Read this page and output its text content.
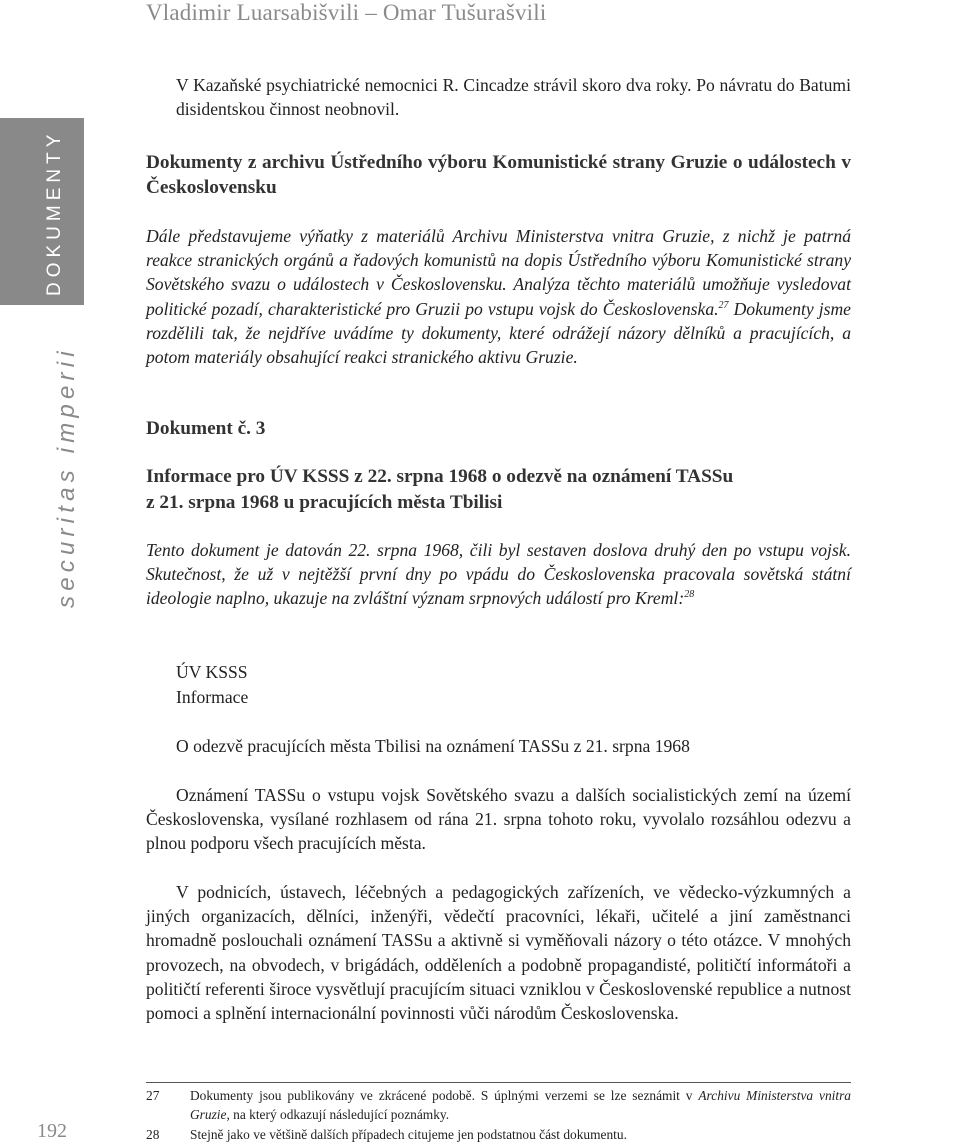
Vladimir Luarsabišvili – Omar Tušurašvili
DOKUMENTY
securitas imperii
192
V Kazaňské psychiatrické nemocnici R. Cincadze strávil skoro dva roky. Po návratu do Batumi disidentskou činnost neobnovil.
Dokumenty z archivu Ústředního výboru Komunistické strany Gruzie o událostech v Československu
Dále představujeme výňatky z materiálů Archivu Ministerstva vnitra Gruzie, z nichž je patrná reakce stranických orgánů a řadových komunistů na dopis Ústředního výboru Komunistické strany Sovětského svazu o událostech v Československu. Analýza těchto materiálů umožňuje vysledovat politické pozadí, charakteristické pro Gruzii po vstupu vojsk do Československa.$^{27}$ Dokumenty jsme rozdělili tak, že nejdříve uvádíme ty dokumenty, které odrážejí názory dělníků a pracujících, a potom materiály obsahující reakci stranického aktivu Gruzie.
Dokument č. 3
Informace pro ÚV KSSS z 22. srpna 1968 o odezvě na oznámení TASSu
z 21. srpna 1968 u pracujících města Tbilisi
Tento dokument je datován 22. srpna 1968, čili byl sestaven doslova druhý den po vstupu vojsk. Skutečnost, že už v nejtěžší první dny po vpádu do Československa pracovala sovětská státní ideologie naplno, ukazuje na zvláštní význam srpnových událostí pro Kreml:$^{28}$
ÚV KSSS
Informace
O odezvě pracujících města Tbilisi na oznámení TASSu z 21. srpna 1968
Oznámení TASSu o vstupu vojsk Sovětského svazu a dalších socialistických zemí na území Československa, vysílané rozhlasem od rána 21. srpna tohoto roku, vyvolalo rozsáhlou odezvu a plnou podporu všech pracujících města.
V podnicích, ústavech, léčebných a pedagogických zařízeních, ve vědecko-výzkumných a jiných organizacích, dělníci, inženýři, vědečtí pracovníci, lékaři, učitelé a jiní zaměstnanci hromadně poslouchali oznámení TASSu a aktivně si vyměňovali názory o této otázce. V mnohých provozech, na obvodech, v brigádách, odděleních a podobně propagandisté, političtí informátoři a političtí referenti široce vysvětlují pracujícím situaci vzniklou v Československé republice a nutnost pomoci a splnění internacionální povinnosti vůči národům Československa.
27 Dokumenty jsou publikovány ve zkrácené podobě. S úplnými verzemi se lze seznámit v Archivu Ministerstva vnitra Gruzie, na který odkazují následující poznámky.
28 Stejně jako ve většině dalších případech citujeme jen podstatnou část dokumentu.
